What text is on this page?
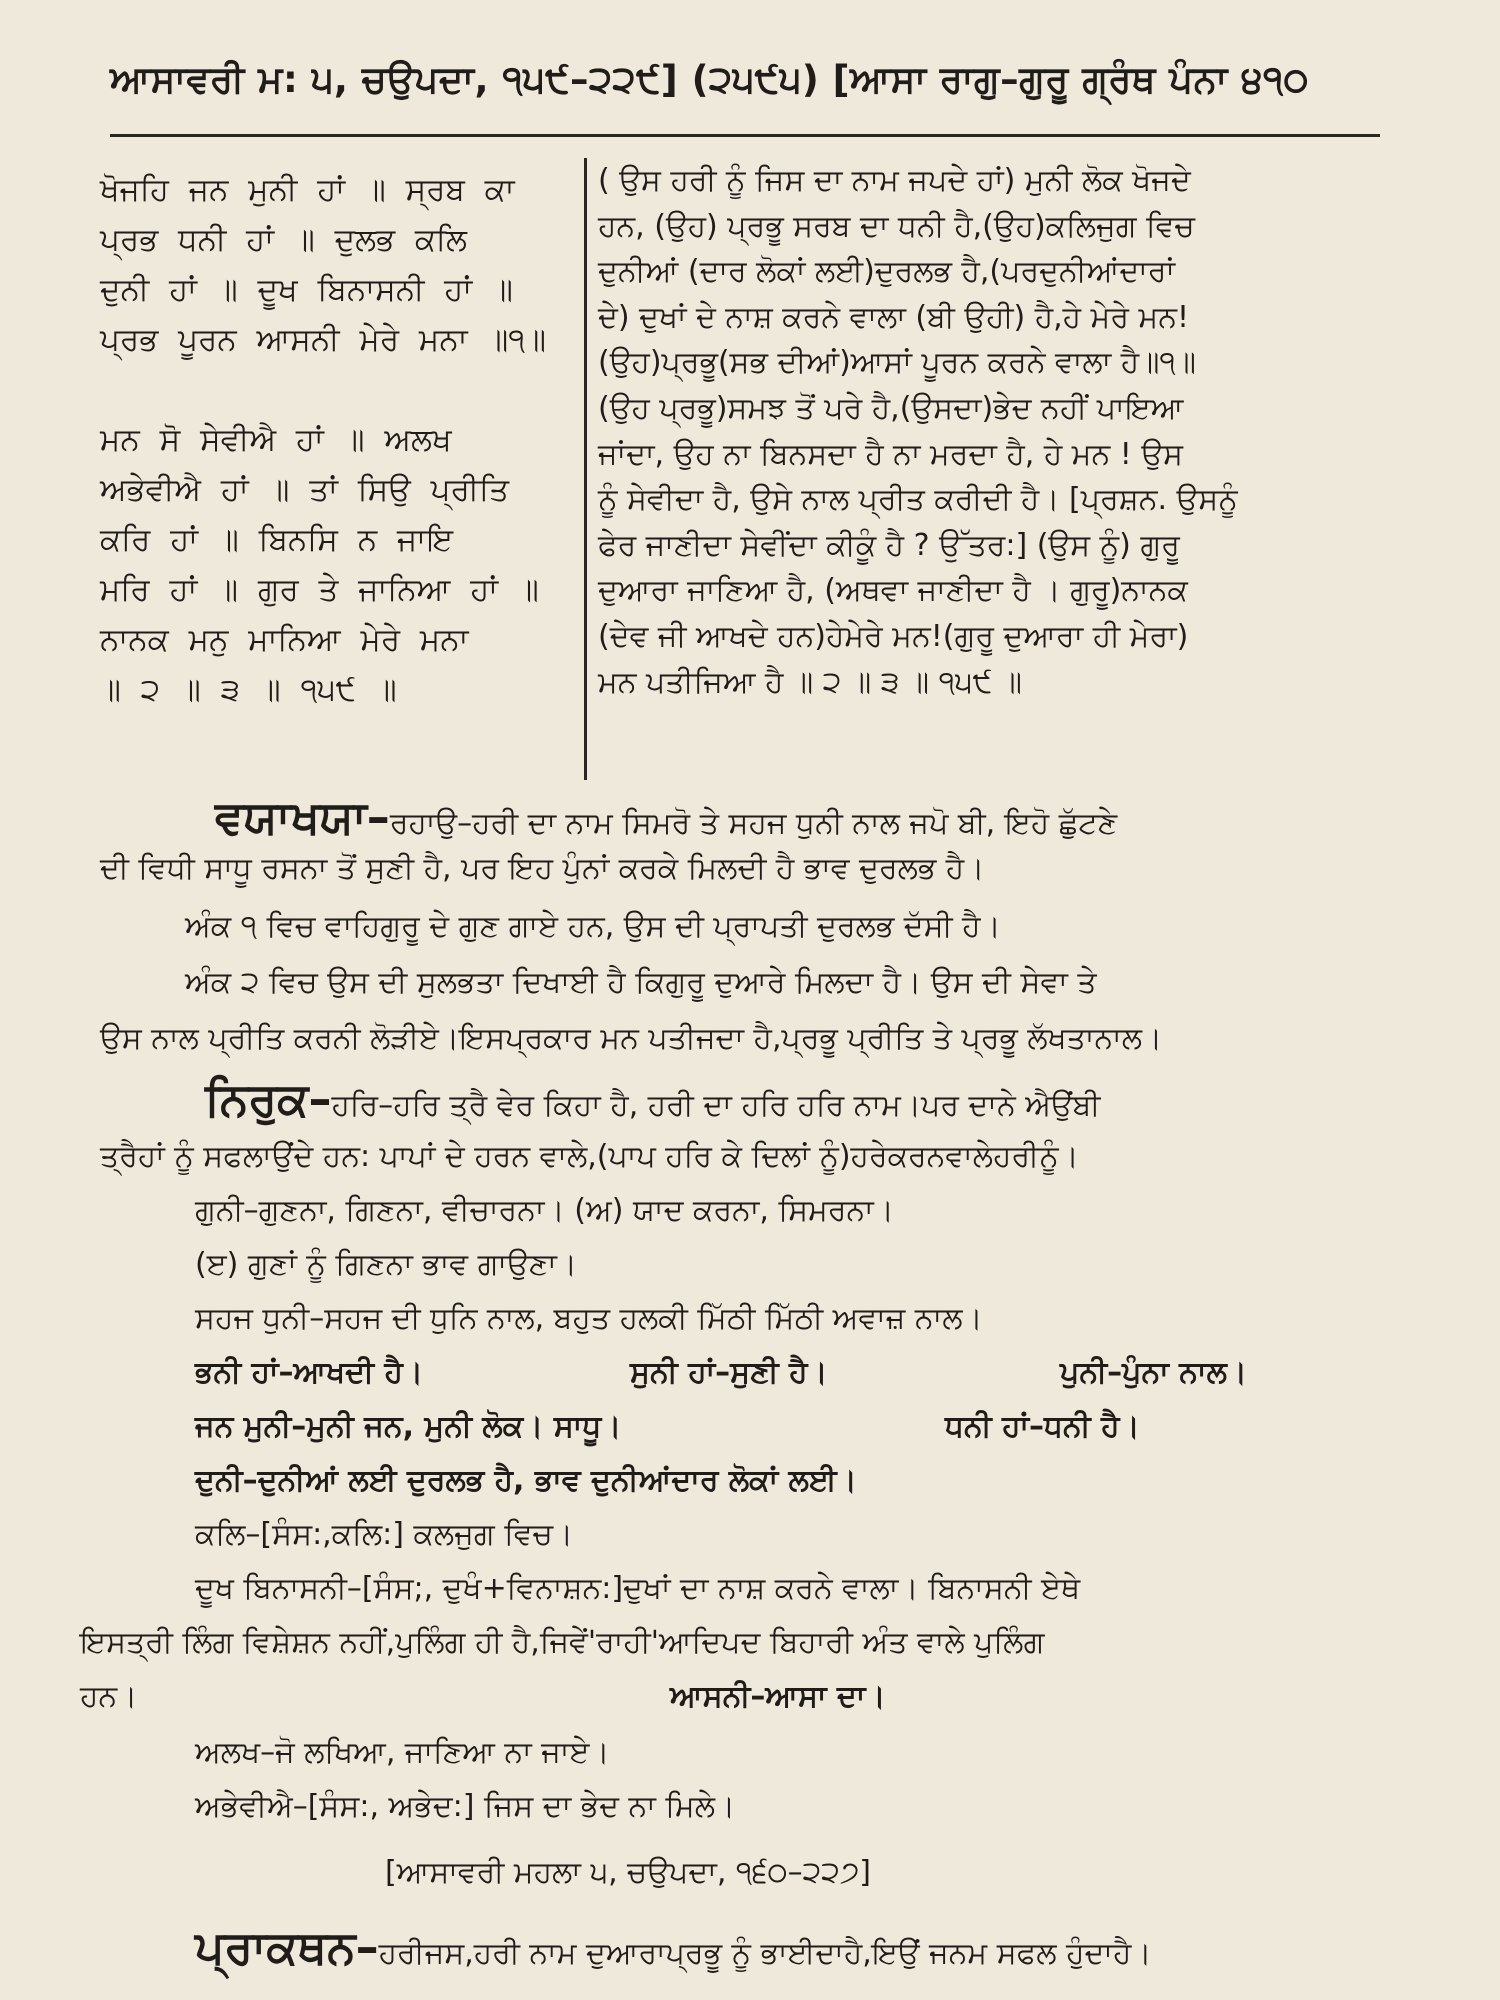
ਆਸਾਵਰੀ ਮ: ੫, ਚਉਪਦਾ, ੧੫੯–੨੨੯] (੨੫੯੫) [ਆਸਾ ਰਾਗੁ–ਗੁਰੂ ਗ੍ਰੰਥ ਪੰਨਾ ੪੧੦
ਖੋਜਹਿ ਜਨ ਮੁਨੀ ਹਾਂ ॥ ਸ੍ਰਬ ਕਾ
ਪ੍ਰਭ ਧਨੀ ਹਾਂ ॥ ਦੁਲਭ ਕਲਿ
ਦੁਨੀ ਹਾਂ ॥ ਦੂਖ ਬਿਨਾਸਨੀ ਹਾਂ ॥
ਪ੍ਰਭ ਪੂਰਨ ਆਸਨੀ ਮੇਰੇ ਮਨਾ ॥੧॥
ਮਨ ਸੋ ਸੇਵੀਐ ਹਾਂ ॥ ਅਲਖ
ਅਭੇਵੀਐ ਹਾਂ ॥ ਤਾਂ ਸਿਉ ਪ੍ਰੀਤਿ
ਕਰਿ ਹਾਂ ॥ ਬਿਨਸਿ ਨ ਜਾਇ
ਮਰਿ ਹਾਂ ॥ ਗੁਰ ਤੇ ਜਾਨਿਆ ਹਾਂ ॥
ਨਾਨਕ ਮਨੁ ਮਾਨਿਆ ਮੇਰੇ ਮਨਾ
॥ ੨ ॥ ੩ ॥ ੧੫੯ ॥
( ਉਸ ਹਰੀ ਨੂੰ ਜਿਸ ਦਾ ਨਾਮ ਜਪਦੇ ਹਾਂ) ਮੁਨੀ ਲੋਕ ਖੋਜਦੇ
ਹਨ, (ਉਹ) ਪ੍ਰਭੂ ਸਰਬ ਦਾ ਧਨੀ ਹੈ,(ਉਹ)ਕਲਿਜੁਗ ਵਿਚ
ਦੁਨੀਆਂ (ਦਾਰ ਲੋਕਾਂ ਲਈ)ਦੁਰਲਭ ਹੈ,(ਪਰਦੁਨੀਆਂਦਾਰਾਂ
ਦੇ) ਦੁਖਾਂ ਦੇ ਨਾਸ਼ ਕਰਨੇ ਵਾਲਾ (ਬੀ ਉਹੀ) ਹੈ,ਹੇ ਮੇਰੇ ਮਨ!
(ਉਹ)ਪ੍ਰਭੂ(ਸਭ ਦੀਆਂ)ਆਸਾਂ ਪੂਰਨ ਕਰਨੇ ਵਾਲਾ ਹੈ॥੧॥
(ਉਹ ਪ੍ਰਭੂ)ਸਮਝ ਤੋਂ ਪਰੇ ਹੈ,(ਉਸਦਾ)ਭੇਦ ਨਹੀਂ ਪਾਇਆ
ਜਾਂਦਾ, ਉਹ ਨਾ ਬਿਨਸਦਾ ਹੈ ਨਾ ਮਰਦਾ ਹੈ, ਹੇ ਮਨ ! ਉਸ
ਨੂੰ ਸੇਵੀਦਾ ਹੈ, ਉਸੇ ਨਾਲ ਪ੍ਰੀਤ ਕਰੀਦੀ ਹੈ। [ਪ੍ਰਸ਼ਨ. ਉਸਨੂੰ
ਫੇਰ ਜਾਣੀਦਾ ਸੇਵੀਂਦਾ ਕੀਕੂੰ ਹੈ ? ਉੱਤਰ:] (ਉਸ ਨੂੰ) ਗੁਰੂ
ਦੁਆਰਾ ਜਾਣਿਆ ਹੈ, (ਅਥਵਾ ਜਾਣੀਦਾ ਹੈ । ਗੁਰੂ)ਨਾਨਕ
(ਦੇਵ ਜੀ ਆਖਦੇ ਹਨ)ਹੇਮੇਰੇ ਮਨ!(ਗੁਰੂ ਦੁਆਰਾ ਹੀ ਮੇਰਾ)
ਮਨ ਪਤੀਜਿਆ ਹੈ ॥ ੨ ॥ ੩ ॥ ੧੫੯ ॥
ਵਯਾਖਯਾ–ਰਹਾਉ–ਹਰੀ ਦਾ ਨਾਮ ਸਿਮਰੋ ਤੇ ਸਹਜ ਧੁਨੀ ਨਾਲ ਜਪੋ ਬੀ, ਇਹੋ ਛੁੱਟਣੇ
ਦੀ ਵਿਧੀ ਸਾਧੂ ਰਸਨਾ ਤੋਂ ਸੁਣੀ ਹੈ, ਪਰ ਇਹ ਪੁੰਨਾਂ ਕਰਕੇ ਮਿਲਦੀ ਹੈ ਭਾਵ ਦੁਰਲਭ ਹੈ।
ਅੰਕ ੧ ਵਿਚ ਵਾਹਿਗੁਰੂ ਦੇ ਗੁਣ ਗਾਏ ਹਨ, ਉਸ ਦੀ ਪ੍ਰਾਪਤੀ ਦੁਰਲਭ ਦੱਸੀ ਹੈ।
ਅੰਕ ੨ ਵਿਚ ਉਸ ਦੀ ਸੁਲਭਤਾ ਦਿਖਾਈ ਹੈ ਕਿਗੁਰੂ ਦੁਆਰੇ ਮਿਲਦਾ ਹੈ। ਉਸ ਦੀ ਸੇਵਾ ਤੇ
ਉਸ ਨਾਲ ਪ੍ਰੀਤਿ ਕਰਨੀ ਲੋੜੀਏ।ਇਸਪ੍ਰਕਾਰ ਮਨ ਪਤੀਜਦਾ ਹੈ,ਪ੍ਰਭੂ ਪ੍ਰੀਤਿ ਤੇ ਪ੍ਰਭੂ ਲੱਖਤਾਨਾਲ।
ਨਿਰੁਕ–ਹਰਿ–ਹਰਿ ਤ੍ਰੈ ਵੇਰ ਕਿਹਾ ਹੈ, ਹਰੀ ਦਾ ਹਰਿ ਹਰਿ ਨਾਮ।ਪਰ ਦਾਨੇ ਐਉਂਬੀ
ਤ੍ਰੈਹਾਂ ਨੂੰ ਸਫਲਾਉਂਦੇ ਹਨ: ਪਾਪਾਂ ਦੇ ਹਰਨ ਵਾਲੇ,(ਪਾਪ ਹਰਿ ਕੇ ਦਿਲਾਂ ਨੂੰ)ਹਰੇਕਰਨਵਾਲੇਹਰੀਨੂੰ।
ਗੁਨੀ–ਗੁਣਨਾ, ਗਿਣਨਾ, ਵੀਚਾਰਨਾ। (ਅ) ਯਾਦ ਕਰਨਾ, ਸਿਮਰਨਾ।
(ੲ) ਗੁਣਾਂ ਨੂੰ ਗਿਣਨਾ ਭਾਵ ਗਾਉਣਾ।
ਸਹਜ ਧੁਨੀ–ਸਹਜ ਦੀ ਧੁਨਿ ਨਾਲ, ਬਹੁਤ ਹਲਕੀ ਮਿੱਠੀ ਮਿੱਠੀ ਅਵਾਜ਼ ਨਾਲ।
ਭਨੀ ਹਾਂ–ਆਖਦੀ ਹੈ।	ਸੁਨੀ ਹਾਂ–ਸੁਣੀ ਹੈ।	ਪੁਨੀ–ਪੁੰਨਾ ਨਾਲ।
ਜਨ ਮੁਨੀ–ਮੁਨੀ ਜਨ, ਮੁਨੀ ਲੋਕ। ਸਾਧੂ।	ਧਨੀ ਹਾਂ–ਧਨੀ ਹੈ।
ਦੁਨੀ–ਦੁਨੀਆਂ ਲਈ ਦੁਰਲਭ ਹੈ, ਭਾਵ ਦੁਨੀਆਂਦਾਰ ਲੋਕਾਂ ਲਈ।
ਕਲਿ–[ਸੰਸ:,ਕਲਿ:] ਕਲਜੁਗ ਵਿਚ।
ਦੂਖ ਬਿਨਾਸਨੀ–[ਸੰਸ;, ਦੁਖੰ+ਵਿਨਾਸ਼ਨ:]ਦੁਖਾਂ ਦਾ ਨਾਸ਼ ਕਰਨੇ ਵਾਲਾ। ਬਿਨਾਸਨੀ ਏਥੇ
ਇਸਤ੍ਰੀ ਲਿੰਗ ਵਿਸ਼ੇਸ਼ਨ ਨਹੀਂ,ਪੁਲਿੰਗ ਹੀ ਹੈ,ਜਿਵੇਂ'ਰਾਹੀ'ਆਦਿਪਦ ਬਿਹਾਰੀ ਅੰਤ ਵਾਲੇ ਪੁਲਿੰਗ
ਹਨ।	ਆਸਨੀ–ਆਸਾ ਦਾ।
ਅਲਖ–ਜੋ ਲਖਿਆ, ਜਾਣਿਆ ਨਾ ਜਾਏ।
ਅਭੇਵੀਐ–[ਸੰਸ:, ਅਭੇਦ:] ਜਿਸ ਦਾ ਭੇਦ ਨਾ ਮਿਲੇ।
[ਆਸਾਵਰੀ ਮਹਲਾ ੫, ਚਉਪਦਾ, ੧੬੦–੨੨੭]
ਪ੍ਰਾਕਥਨ–ਹਰੀਜਸ,ਹਰੀ ਨਾਮ ਦੁਆਰਾਪ੍ਰਭੂ ਨੂੰ ਭਾਈਦਾਹੈ,ਇਉਂ ਜਨਮ ਸਫਲ ਹੁੰਦਾਹੈ।
